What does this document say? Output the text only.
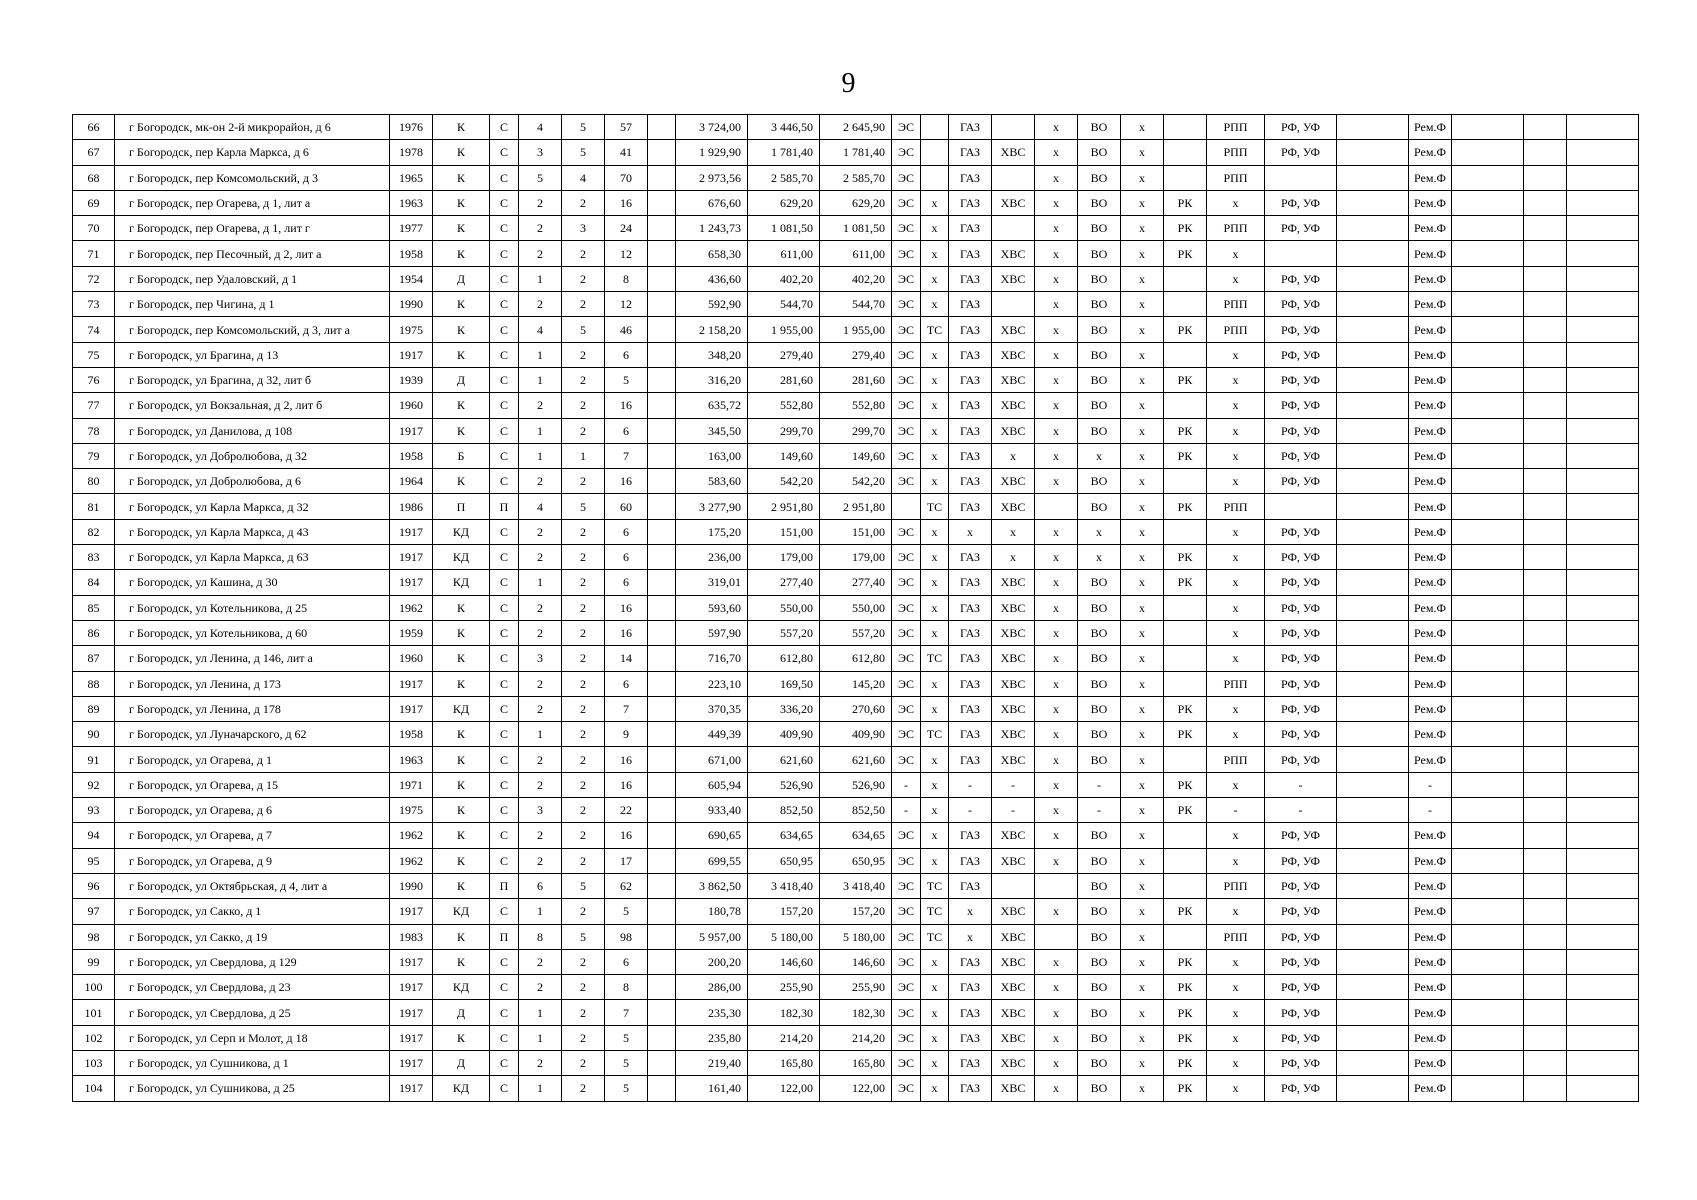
9
66	г Богородск, мк-он 2-й микрорайон, д 6	1976	К	С	4	5	57		3 724,00	3 446,50	2 645,90	ЭС		ГАЗ		х	ВО	х		РПП	РФ, УФ		Рем.Ф			
67	г Богородск, пер Карла Маркса, д 6	1978	К	С	3	5	41		1 929,90	1 781,40	1 781,40	ЭС		ГАЗ	ХВС	х	ВО	х		РПП	РФ, УФ		Рем.Ф			
68	г Богородск, пер Комсомольский, д 3	1965	К	С	5	4	70		2 973,56	2 585,70	2 585,70	ЭС		ГАЗ		х	ВО	х		РПП			Рем.Ф			
69	г Богородск, пер Огарева, д 1, лит а	1963	К	С	2	2	16		676,60	629,20	629,20	ЭС	х	ГАЗ	ХВС	х	ВО	х	РК	х	РФ, УФ		Рем.Ф			
70	г Богородск, пер Огарева, д 1, лит г	1977	К	С	2	3	24		1 243,73	1 081,50	1 081,50	ЭС	х	ГАЗ		х	ВО	х	РК	РПП	РФ, УФ		Рем.Ф			
71	г Богородск, пер Песочный, д 2, лит а	1958	К	С	2	2	12		658,30	611,00	611,00	ЭС	х	ГАЗ	ХВС	х	ВО	х	РК	х			Рем.Ф			
72	г Богородск, пер Удаловский, д 1	1954	Д	С	1	2	8		436,60	402,20	402,20	ЭС	х	ГАЗ	ХВС	х	ВО	х		х	РФ, УФ		Рем.Ф			
73	г Богородск, пер Чигина, д 1	1990	К	С	2	2	12		592,90	544,70	544,70	ЭС	х	ГАЗ		х	ВО	х		РПП	РФ, УФ		Рем.Ф			
74	г Богородск, пер Комсомольский, д 3, лит а	1975	К	С	4	5	46		2 158,20	1 955,00	1 955,00	ЭС	ТС	ГАЗ	ХВС	х	ВО	х	РК	РПП	РФ, УФ		Рем.Ф			
75	г Богородск, ул Брагина, д 13	1917	К	С	1	2	6		348,20	279,40	279,40	ЭС	х	ГАЗ	ХВС	х	ВО	х		х	РФ, УФ		Рем.Ф			
76	г Богородск, ул Брагина, д 32, лит б	1939	Д	С	1	2	5		316,20	281,60	281,60	ЭС	х	ГАЗ	ХВС	х	ВО	х	РК	х	РФ, УФ		Рем.Ф			
77	г Богородск, ул Вокзальная, д 2, лит б	1960	К	С	2	2	16		635,72	552,80	552,80	ЭС	х	ГАЗ	ХВС	х	ВО	х		х	РФ, УФ		Рем.Ф			
78	г Богородск, ул Данилова, д 108	1917	К	С	1	2	6		345,50	299,70	299,70	ЭС	х	ГАЗ	ХВС	х	ВО	х	РК	х	РФ, УФ		Рем.Ф			
79	г Богородск, ул Добролюбова, д 32	1958	Б	С	1	1	7		163,00	149,60	149,60	ЭС	х	ГАЗ	х	х	х	х	РК	х	РФ, УФ		Рем.Ф			
80	г Богородск, ул Добролюбова, д 6	1964	К	С	2	2	16		583,60	542,20	542,20	ЭС	х	ГАЗ	ХВС	х	ВО	х		х	РФ, УФ		Рем.Ф			
81	г Богородск, ул Карла Маркса, д 32	1986	П	П	4	5	60		3 277,90	2 951,80	2 951,80		ТС	ГАЗ	ХВС		ВО	х	РК	РПП			Рем.Ф			
82	г Богородск, ул Карла Маркса, д 43	1917	КД	С	2	2	6		175,20	151,00	151,00	ЭС	х	х	х	х	х	х		х	РФ, УФ		Рем.Ф			
83	г Богородск, ул Карла Маркса, д 63	1917	КД	С	2	2	6		236,00	179,00	179,00	ЭС	х	ГАЗ	х	х	х	х	РК	х	РФ, УФ		Рем.Ф			
84	г Богородск, ул Кашина, д 30	1917	КД	С	1	2	6		319,01	277,40	277,40	ЭС	х	ГАЗ	ХВС	х	ВО	х	РК	х	РФ, УФ		Рем.Ф			
85	г Богородск, ул Котельникова, д 25	1962	К	С	2	2	16		593,60	550,00	550,00	ЭС	х	ГАЗ	ХВС	х	ВО	х		х	РФ, УФ		Рем.Ф			
86	г Богородск, ул Котельникова, д 60	1959	К	С	2	2	16		597,90	557,20	557,20	ЭС	х	ГАЗ	ХВС	х	ВО	х		х	РФ, УФ		Рем.Ф			
87	г Богородск, ул Ленина, д 146, лит а	1960	К	С	3	2	14		716,70	612,80	612,80	ЭС	ТС	ГАЗ	ХВС	х	ВО	х		х	РФ, УФ		Рем.Ф			
88	г Богородск, ул Ленина, д 173	1917	К	С	2	2	6		223,10	169,50	145,20	ЭС	х	ГАЗ	ХВС	х	ВО	х		РПП	РФ, УФ		Рем.Ф			
89	г Богородск, ул Ленина, д 178	1917	КД	С	2	2	7		370,35	336,20	270,60	ЭС	х	ГАЗ	ХВС	х	ВО	х	РК	х	РФ, УФ		Рем.Ф			
90	г Богородск, ул Луначарского, д 62	1958	К	С	1	2	9		449,39	409,90	409,90	ЭС	ТС	ГАЗ	ХВС	х	ВО	х	РК	х	РФ, УФ		Рем.Ф			
91	г Богородск, ул Огарева, д 1	1963	К	С	2	2	16		671,00	621,60	621,60	ЭС	х	ГАЗ	ХВС	х	ВО	х		РПП	РФ, УФ		Рем.Ф			
92	г Богородск, ул Огарева, д 15	1971	К	С	2	2	16		605,94	526,90	526,90	-	х	-	-	х	-	х	РК	х	-		-			
93	г Богородск, ул Огарева, д 6	1975	К	С	3	2	22		933,40	852,50	852,50	-	х	-	-	х	-	х	РК	-	-		-			
94	г Богородск, ул Огарева, д 7	1962	К	С	2	2	16		690,65	634,65	634,65	ЭС	х	ГАЗ	ХВС	х	ВО	х		х	РФ, УФ		Рем.Ф			
95	г Богородск, ул Огарева, д 9	1962	К	С	2	2	17		699,55	650,95	650,95	ЭС	х	ГАЗ	ХВС	х	ВО	х		х	РФ, УФ		Рем.Ф			
96	г Богородск, ул Октябрьская, д 4, лит а	1990	К	П	6	5	62		3 862,50	3 418,40	3 418,40	ЭС	ТС	ГАЗ			ВО	х		РПП	РФ, УФ		Рем.Ф			
97	г Богородск, ул Сакко, д 1	1917	КД	С	1	2	5		180,78	157,20	157,20	ЭС	ТС	х	ХВС	х	ВО	х	РК	х	РФ, УФ		Рем.Ф			
98	г Богородск, ул Сакко, д 19	1983	К	П	8	5	98		5 957,00	5 180,00	5 180,00	ЭС	ТС	х	ХВС		ВО	х		РПП	РФ, УФ		Рем.Ф			
99	г Богородск, ул Свердлова, д 129	1917	К	С	2	2	6		200,20	146,60	146,60	ЭС	х	ГАЗ	ХВС	х	ВО	х	РК	х	РФ, УФ		Рем.Ф			
100	г Богородск, ул Свердлова, д 23	1917	КД	С	2	2	8		286,00	255,90	255,90	ЭС	х	ГАЗ	ХВС	х	ВО	х	РК	х	РФ, УФ		Рем.Ф			
101	г Богородск, ул Свердлова, д 25	1917	Д	С	1	2	7		235,30	182,30	182,30	ЭС	х	ГАЗ	ХВС	х	ВО	х	РК	х	РФ, УФ		Рем.Ф			
102	г Богородск, ул Серп и Молот, д 18	1917	К	С	1	2	5		235,80	214,20	214,20	ЭС	х	ГАЗ	ХВС	х	ВО	х	РК	х	РФ, УФ		Рем.Ф			
103	г Богородск, ул Сушникова, д 1	1917	Д	С	2	2	5		219,40	165,80	165,80	ЭС	х	ГАЗ	ХВС	х	ВО	х	РК	х	РФ, УФ		Рем.Ф			
104	г Богородск, ул Сушникова, д 25	1917	КД	С	1	2	5		161,40	122,00	122,00	ЭС	х	ГАЗ	ХВС	х	ВО	х	РК	х	РФ, УФ		Рем.Ф			
